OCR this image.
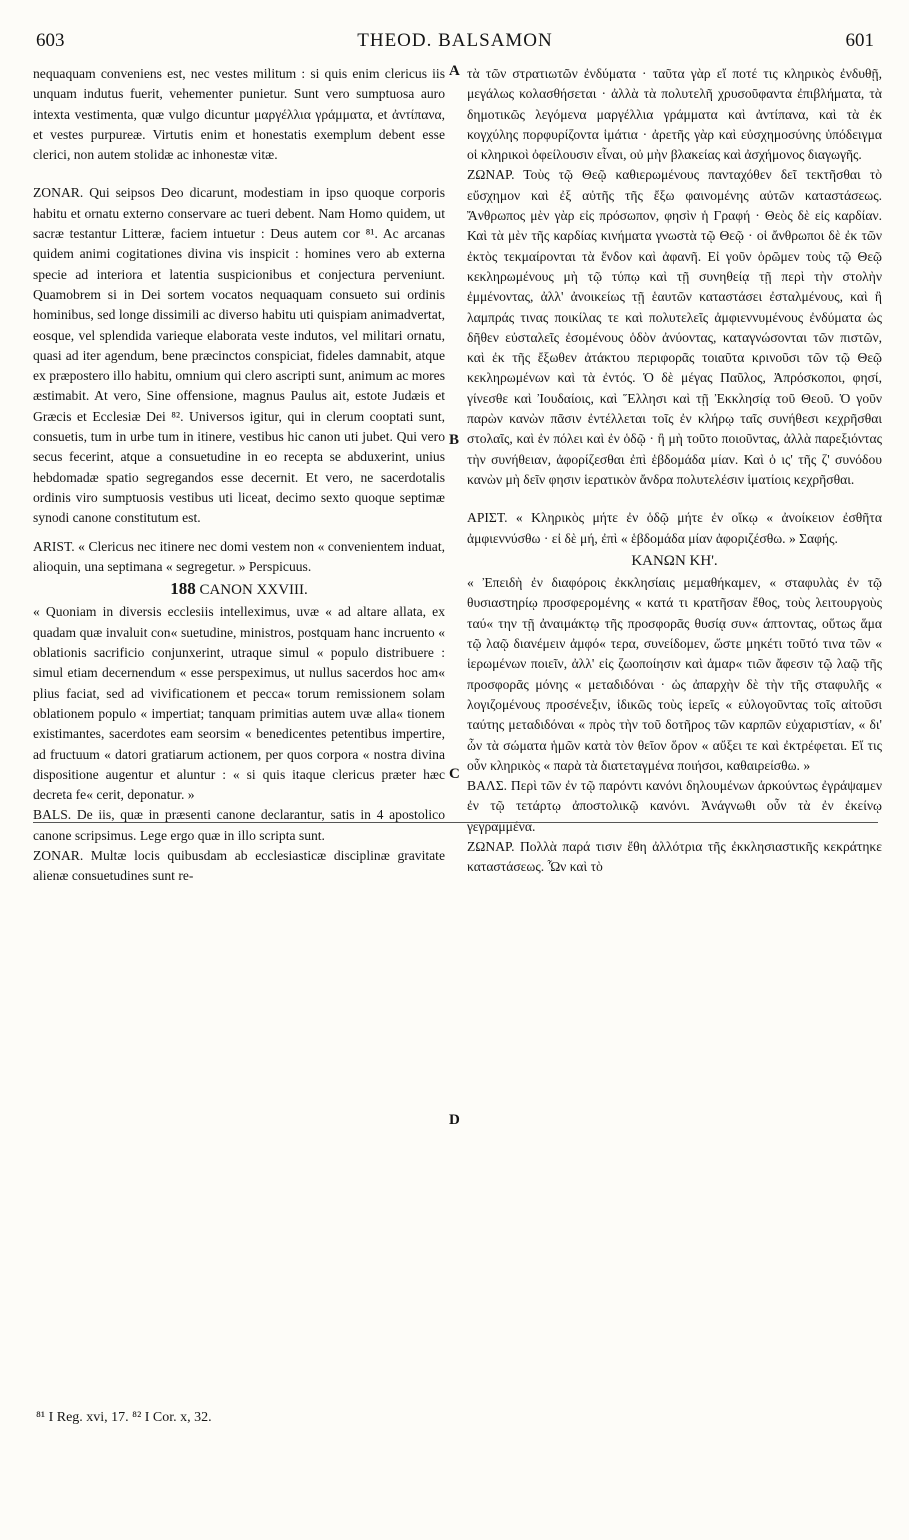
603	THEOD. BALSAMON	601

nequaquam conveniens est, nec vestes militum : si quis enim clericus iis unquam indutus fuerit, vehementer punietur. Sunt vero sumptuosa auro intexta vestimenta, quæ vulgo dicuntur μαργέλλια γράμματα, et ἀντίπανα, et vestes purpureæ. Virtutis enim et honestatis exemplum debent esse clerici, non autem stolidæ ac inhonestæ vitæ.

ZONAR. Qui seipsos Deo dicarunt, modestiam in ipso quoque corporis habitu et ornatu externo conservare ac tueri debent. Nam Homo quidem, ut sacræ testantur Litteræ, faciem intuetur : Deus autem cor ⁸¹. Ac arcanas quidem animi cogitationes divina vis inspicit : homines vero ab externa specie ad interiora et latentia suspicionibus et conjectura perveniunt. Quamobrem si in Dei sortem vocatos nequaquam consueto sui ordinis hominibus, sed longe dissimili ac diverso habitu uti quispiam animadvertat, eosque, vel splendida varieque elaborata veste indutos, vel militari ornatu, quasi ad iter agendum, bene præcinctos conspiciat, fideles damnabit, atque ex præpostero illo habitu, omnium qui clero ascripti sunt, animum ac mores æstimabit. At vero, Sine offensione, magnus Paulus ait, estote Judæis et Græcis et Ecclesiæ Dei ⁸². Universos igitur, qui in clerum cooptati sunt, consuetis, tum in urbe tum in itinere, vestibus hic canon uti jubet. Qui vero secus fecerint, atque a consuetudine in eo recepta se abduxerint, unius hebdomadæ spatio segregandos esse decernit. Et vero, ne sacerdotalis ordinis viro sumptuosis vestibus uti liceat, decimo sexto quoque septimæ synodi canone constitutum est.

ARIST. « Clericus nec itinere nec domi vestem non « convenientem induat, alioquin, una septimana « segregetur. » Perspicuus.

188 CANON XXVIII.

« Quoniam in diversis ecclesiis intelleximus, uvæ « ad altare allata, ex quadam quæ invaluit con« suetudine, ministros, postquam hanc incruento « oblationis sacrificio conjunxerint, utraque simul « populo distribuere : simul etiam decernendum « esse perspeximus, ut nullus sacerdos hoc am« plius faciat, sed ad vivificationem et pecca« torum remissionem solam oblationem populo « impertiat; tanquam primitias autem uvæ alla« tionem existimantes, sacerdotes eam seorsim « benedicentes petentibus impertire, ad fructuum « datori gratiarum actionem, per quos corpora « nostra divina dispositione augentur et aluntur : « si quis itaque clericus præter hæc decreta fe« cerit, deponatur. »

BALS. De iis, quæ in præsenti canone declarantur, satis in 4 apostolico canone scripsimus. Lege ergo quæ in illo scripta sunt.

ZONAR. Multæ locis quibusdam ab ecclesiasticæ disciplinæ gravitate alienæ consuetudines sunt re-

τὰ τῶν στρατιωτῶν ἐνδύματα · ταῦτα γὰρ εἴ ποτέ τις κληρικὸς ἐνδυθῇ, μεγάλως κολασθήσεται · ἀλλὰ τὰ πολυτελῆ χρυσοῦφαντα ἐπιβλήματα, τὰ δημοτικῶς λεγόμενα μαργέλλια γράμματα καὶ ἀντίπανα, καὶ τὰ ἐκ κογχύλης πορφυρίζοντα ἱμάτια · ἀρετῆς γὰρ καὶ εὐσχημοσύνης ὑπόδειγμα οἱ κληρικοὶ ὀφείλουσιν εἶναι, οὐ μὴν βλακείας καὶ ἀσχήμονος διαγωγῆς.

ΖΩΝΑΡ. Τοὺς τῷ Θεῷ καθιερωμένους πανταχόθεν δεῖ τεκτῆσθαι τὸ εὔσχημον καὶ ἐξ αὐτῆς τῆς ἔξω φαινομένης αὐτῶν καταστάσεως. Ἄνθρωπος μὲν γὰρ εἰς πρόσωπον, φησὶν ἡ Γραφή · Θεὸς δὲ εἰς καρδίαν. Καὶ τὰ μὲν τῆς καρδίας κινήματα γνωστὰ τῷ Θεῷ · οἱ ἄνθρωποι δὲ ἐκ τῶν ἐκτὸς τεκμαίρονται τὰ ἔνδον καὶ ἀφανῆ. Εἰ γοῦν ὁρῶμεν τοὺς τῷ Θεῷ κεκληρωμένους μὴ τῷ τύπῳ καὶ τῇ συνηθείᾳ τῇ περὶ τὴν στολὴν ἐμμένοντας, ἀλλ' ἀνοικείως τῇ ἑαυτῶν καταστάσει ἐσταλμένους, καὶ ἢ λαμπράς τινας ποικίλας τε καὶ πολυτελεῖς ἀμφιεννυμένους ἐνδύματα ὡς δῆθεν εὐσταλεῖς ἐσομένους ὁδὸν ἀνύοντας, καταγνώσονται τῶν πιστῶν, καὶ ἐκ τῆς ἔξωθεν ἀτάκτου περιφορᾶς τοιαῦτα κρινοῦσι τῶν τῷ Θεῷ κεκληρωμένων καὶ τὰ ἐντός. Ὁ δὲ μέγας Παῦλος, Ἀπρόσκοποι, φησί, γίνεσθε καὶ Ἰουδαίοις, καὶ Ἕλλησι καὶ τῇ Ἐκκλησίᾳ τοῦ Θεοῦ. Ὁ γοῦν παρὼν κανὼν πᾶσιν ἐντέλλεται τοῖς ἐν κλήρῳ ταῖς συνήθεσι κεχρῆσθαι στολαῖς, καὶ ἐν πόλει καὶ ἐν ὁδῷ · ἢ μὴ τοῦτο ποιοῦντας, ἀλλὰ παρεξιόντας τὴν συνήθειαν, ἀφορίζεσθαι ἐπὶ ἑβδομάδα μίαν. Καὶ ὁ ις' τῆς ζ' συνόδου κανὼν μὴ δεῖν φησιν ἱερατικὸν ἄνδρα πολυτελέσιν ἱματίοις κεχρῆσθαι.

ΑΡΙΣΤ. « Κληρικὸς μήτε ἐν ὁδῷ μήτε ἐν οἴκῳ « ἀνοίκειον ἐσθῆτα ἀμφιεννύσθω · εἰ δὲ μή, ἐπὶ « ἑβδομάδα μίαν ἀφοριζέσθω. » Σαφής.

ΚΑΝΩΝ ΚΗ'.

« Ἐπειδὴ ἐν διαφόροις ἐκκλησίαις μεμαθήκαμεν, « σταφυλὰς ἐν τῷ θυσιαστηρίῳ προσφερομένης « κατά τι κρατῆσαν ἔθος, τοὺς λειτουργοὺς ταύ« την τῇ ἀναιμάκτῳ τῆς προσφορᾶς θυσίᾳ συν« άπτοντας, οὕτως ἅμα τῷ λαῷ διανέμειν ἀμφό« τερα, συνείδομεν, ὥστε μηκέτι τοῦτό τινα τῶν « ἱερωμένων ποιεῖν, ἀλλ' εἰς ζωοποίησιν καὶ ἁμαρ« τιῶν ἄφεσιν τῷ λαῷ τῆς προσφορᾶς μόνης « μεταδιδόναι · ὡς ἀπαρχὴν δὲ τὴν τῆς σταφυλῆς « λογιζομένους προσένεξιν, ἰδικῶς τοὺς ἱερεῖς « εὐλογοῦντας τοῖς αἰτοῦσι ταύτης μεταδιδόναι « πρὸς τὴν τοῦ δοτῆρος τῶν καρπῶν εὐχαριστίαν, « δι' ὧν τὰ σώματα ἡμῶν κατὰ τὸν θεῖον ὅρον « αὔξει τε καὶ ἐκτρέφεται. Εἴ τις οὖν κληρικὸς « παρὰ τὰ διατεταγμένα ποιήσοι, καθαιρείσθω. »

ΒΑΛΣ. Περὶ τῶν ἐν τῷ παρόντι κανόνι δηλουμένων ἀρκούντως ἐγράψαμεν ἐν τῷ τετάρτῳ ἀποστολικῷ κανόνι. Ἀνάγνωθι οὖν τὰ ἐν ἐκείνῳ γεγραμμένα.

ΖΩΝΑΡ. Πολλὰ παρά τισιν ἔθη ἀλλότρια τῆς ἐκκλησιαστικῆς κεκράτηκε καταστάσεως. Ὧν καὶ τὸ

A
B
C
D
⁸¹ I Reg. xvi, 17. ⁸² I Cor. x, 32.
